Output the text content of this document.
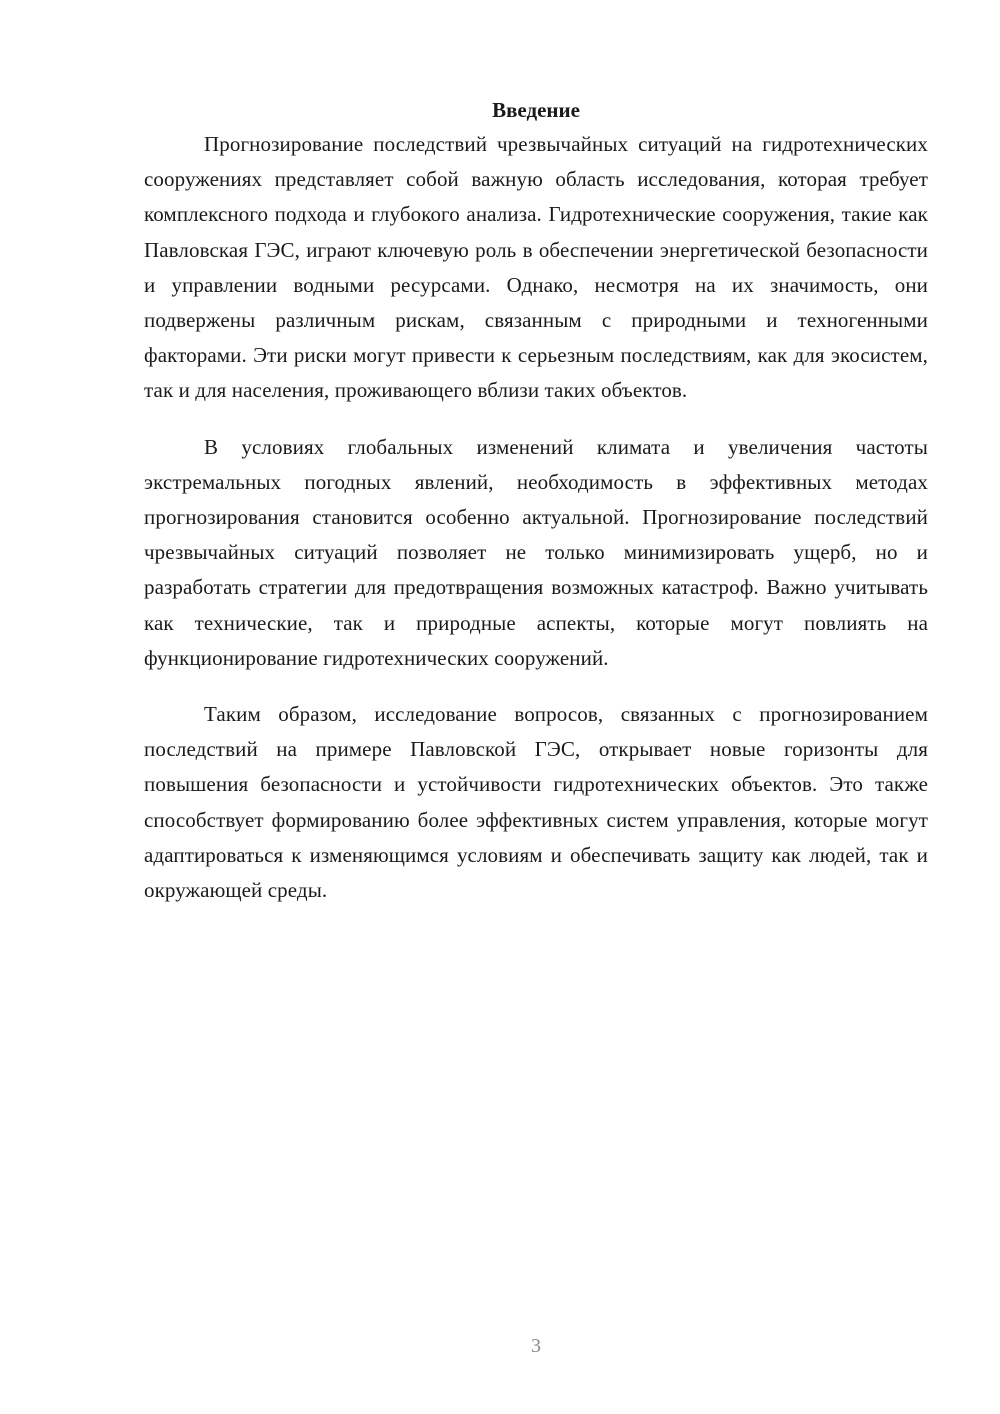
Введение

Прогнозирование последствий чрезвычайных ситуаций на гидротехнических сооружениях представляет собой важную область исследования, которая требует комплексного подхода и глубокого анализа. Гидротехнические сооружения, такие как Павловская ГЭС, играют ключевую роль в обеспечении энергетической безопасности и управлении водными ресурсами. Однако, несмотря на их значимость, они подвержены различным рискам, связанным с природными и техногенными факторами. Эти риски могут привести к серьезным последствиям, как для экосистем, так и для населения, проживающего вблизи таких объектов.

В условиях глобальных изменений климата и увеличения частоты экстремальных погодных явлений, необходимость в эффективных методах прогнозирования становится особенно актуальной. Прогнозирование последствий чрезвычайных ситуаций позволяет не только минимизировать ущерб, но и разработать стратегии для предотвращения возможных катастроф. Важно учитывать как технические, так и природные аспекты, которые могут повлиять на функционирование гидротехнических сооружений.

Таким образом, исследование вопросов, связанных с прогнозированием последствий на примере Павловской ГЭС, открывает новые горизонты для повышения безопасности и устойчивости гидротехнических объектов. Это также способствует формированию более эффективных систем управления, которые могут адаптироваться к изменяющимся условиям и обеспечивать защиту как людей, так и окружающей среды.

3
